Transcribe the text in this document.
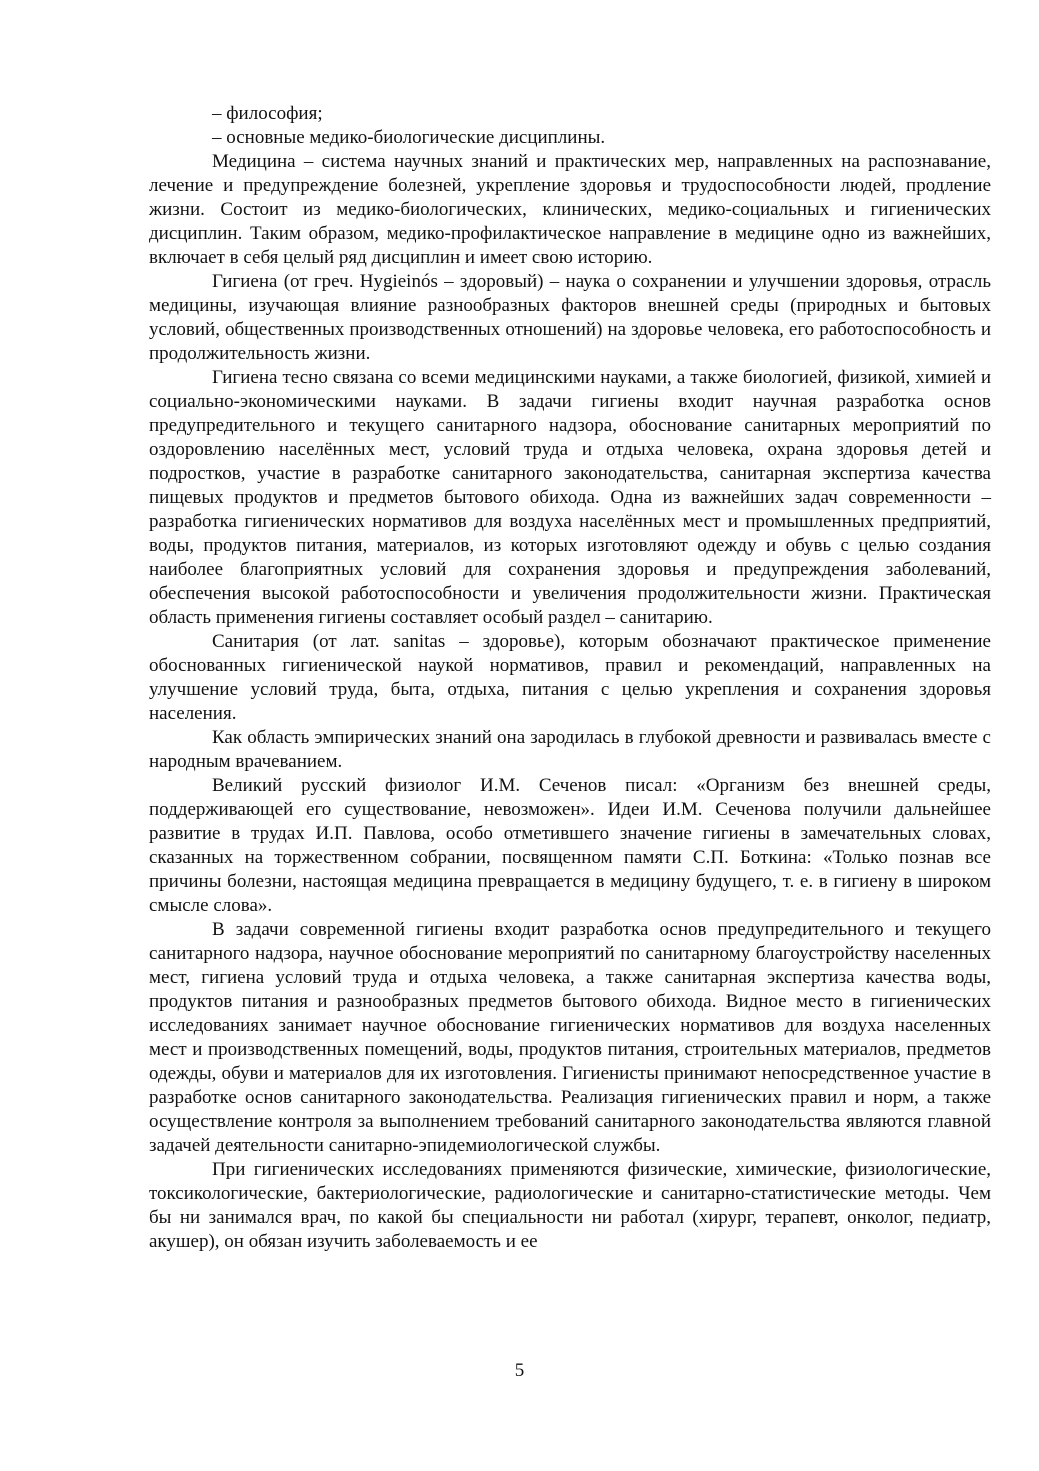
– философия;

– основные медико-биологические дисциплины.

Медицина – система научных знаний и практических мер, направленных на распознавание, лечение и предупреждение болезней, укрепление здоровья и трудоспособности людей, продление жизни. Состоит из медико-биологических, клинических, медико-социальных и гигиенических дисциплин. Таким образом, медико-профилактическое направление в медицине одно из важнейших, включает в себя целый ряд дисциплин и имеет свою историю.

Гигиена (от греч. Hygieinós – здоровый) – наука о сохранении и улучшении здоровья, отрасль медицины, изучающая влияние разнообразных факторов внешней среды (природных и бытовых условий, общественных производственных отношений) на здоровье человека, его работоспособность и продолжительность жизни.

Гигиена тесно связана со всеми медицинскими науками, а также биологией, физикой, химией и социально-экономическими науками. В задачи гигиены входит научная разработка основ предупредительного и текущего санитарного надзора, обоснование санитарных мероприятий по оздоровлению населённых мест, условий труда и отдыха человека, охрана здоровья детей и подростков, участие в разработке санитарного законодательства, санитарная экспертиза качества пищевых продуктов и предметов бытового обихода. Одна из важнейших задач современности – разработка гигиенических нормативов для воздуха населённых мест и промышленных предприятий, воды, продуктов питания, материалов, из которых изготовляют одежду и обувь с целью создания наиболее благоприятных условий для сохранения здоровья и предупреждения заболеваний, обеспечения высокой работоспособности и увеличения продолжительности жизни. Практическая область применения гигиены составляет особый раздел – санитарию.

Санитария (от лат. sanitas – здоровье), которым обозначают практическое применение обоснованных гигиенической наукой нормативов, правил и рекомендаций, направленных на улучшение условий труда, быта, отдыха, питания с целью укрепления и сохранения здоровья населения.

Как область эмпирических знаний она зародилась в глубокой древности и развивалась вместе с народным врачеванием.

Великий русский физиолог И.М. Сеченов писал: «Организм без внешней среды, поддерживающей его существование, невозможен». Идеи И.М. Сеченова получили дальнейшее развитие в трудах И.П. Павлова, особо отметившего значение гигиены в замечательных словах, сказанных на торжественном собрании, посвященном памяти С.П. Боткина: «Только познав все причины болезни, настоящая медицина превращается в медицину будущего, т. е. в гигиену в широком смысле слова».

В задачи современной гигиены входит разработка основ предупредительного и текущего санитарного надзора, научное обоснование мероприятий по санитарному благоустройству населенных мест, гигиена условий труда и отдыха человека, а также санитарная экспертиза качества воды, продуктов питания и разнообразных предметов бытового обихода. Видное место в гигиенических исследованиях занимает научное обоснование гигиенических нормативов для воздуха населенных мест и производственных помещений, воды, продуктов питания, строительных материалов, предметов одежды, обуви и материалов для их изготовления. Гигиенисты принимают непосредственное участие в разработке основ санитарного законодательства. Реализация гигиенических правил и норм, а также осуществление контроля за выполнением требований санитарного законодательства являются главной задачей деятельности санитарно-эпидемиологической службы.

При гигиенических исследованиях применяются физические, химические, физиологические, токсикологические, бактериологические, радиологические и санитарно-статистические методы. Чем бы ни занимался врач, по какой бы специальности ни работал (хирург, терапевт, онколог, педиатр, акушер), он обязан изучить заболеваемость и ее

5
